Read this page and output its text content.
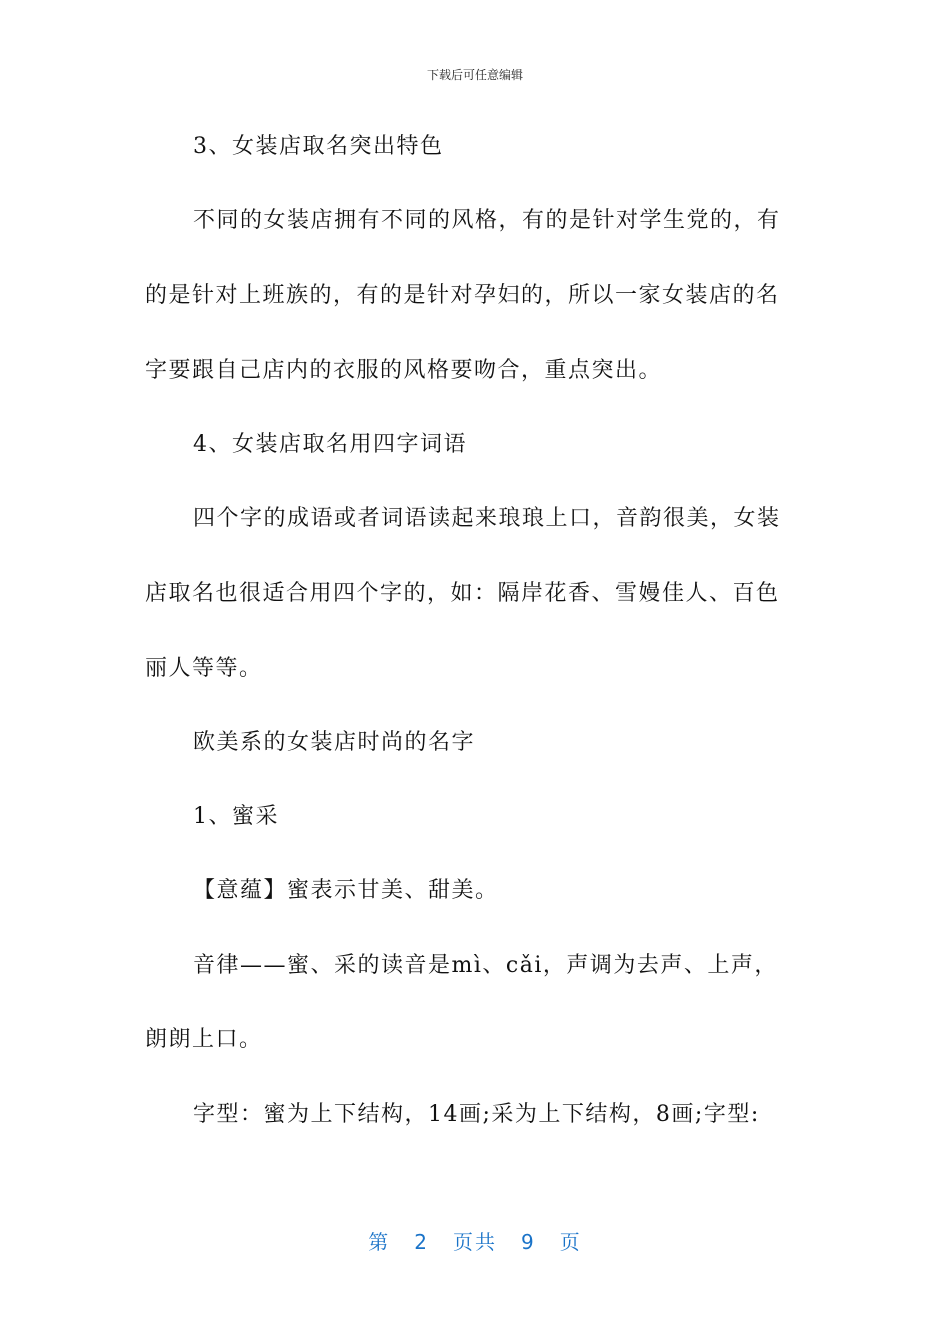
下载后可任意编辑
3、女装店取名突出特色
不同的女装店拥有不同的风格，有的是针对学生党的，有
的是针对上班族的，有的是针对孕妇的，所以一家女装店的名
字要跟自己店内的衣服的风格要吻合，重点突出。
4、女装店取名用四字词语
四个字的成语或者词语读起来琅琅上口，音韵很美，女装
店取名也很适合用四个字的，如：隔岸花香、雪嫚佳人、百色
丽人等等。
欧美系的女装店时尚的名字
1、蜜采
【意蕴】蜜表示甘美、甜美。
音律——蜜、采的读音是mì、cǎi，声调为去声、上声，
朗朗上口。
字型：蜜为上下结构，14画;采为上下结构，8画;字型:
第 2 页共 9 页
